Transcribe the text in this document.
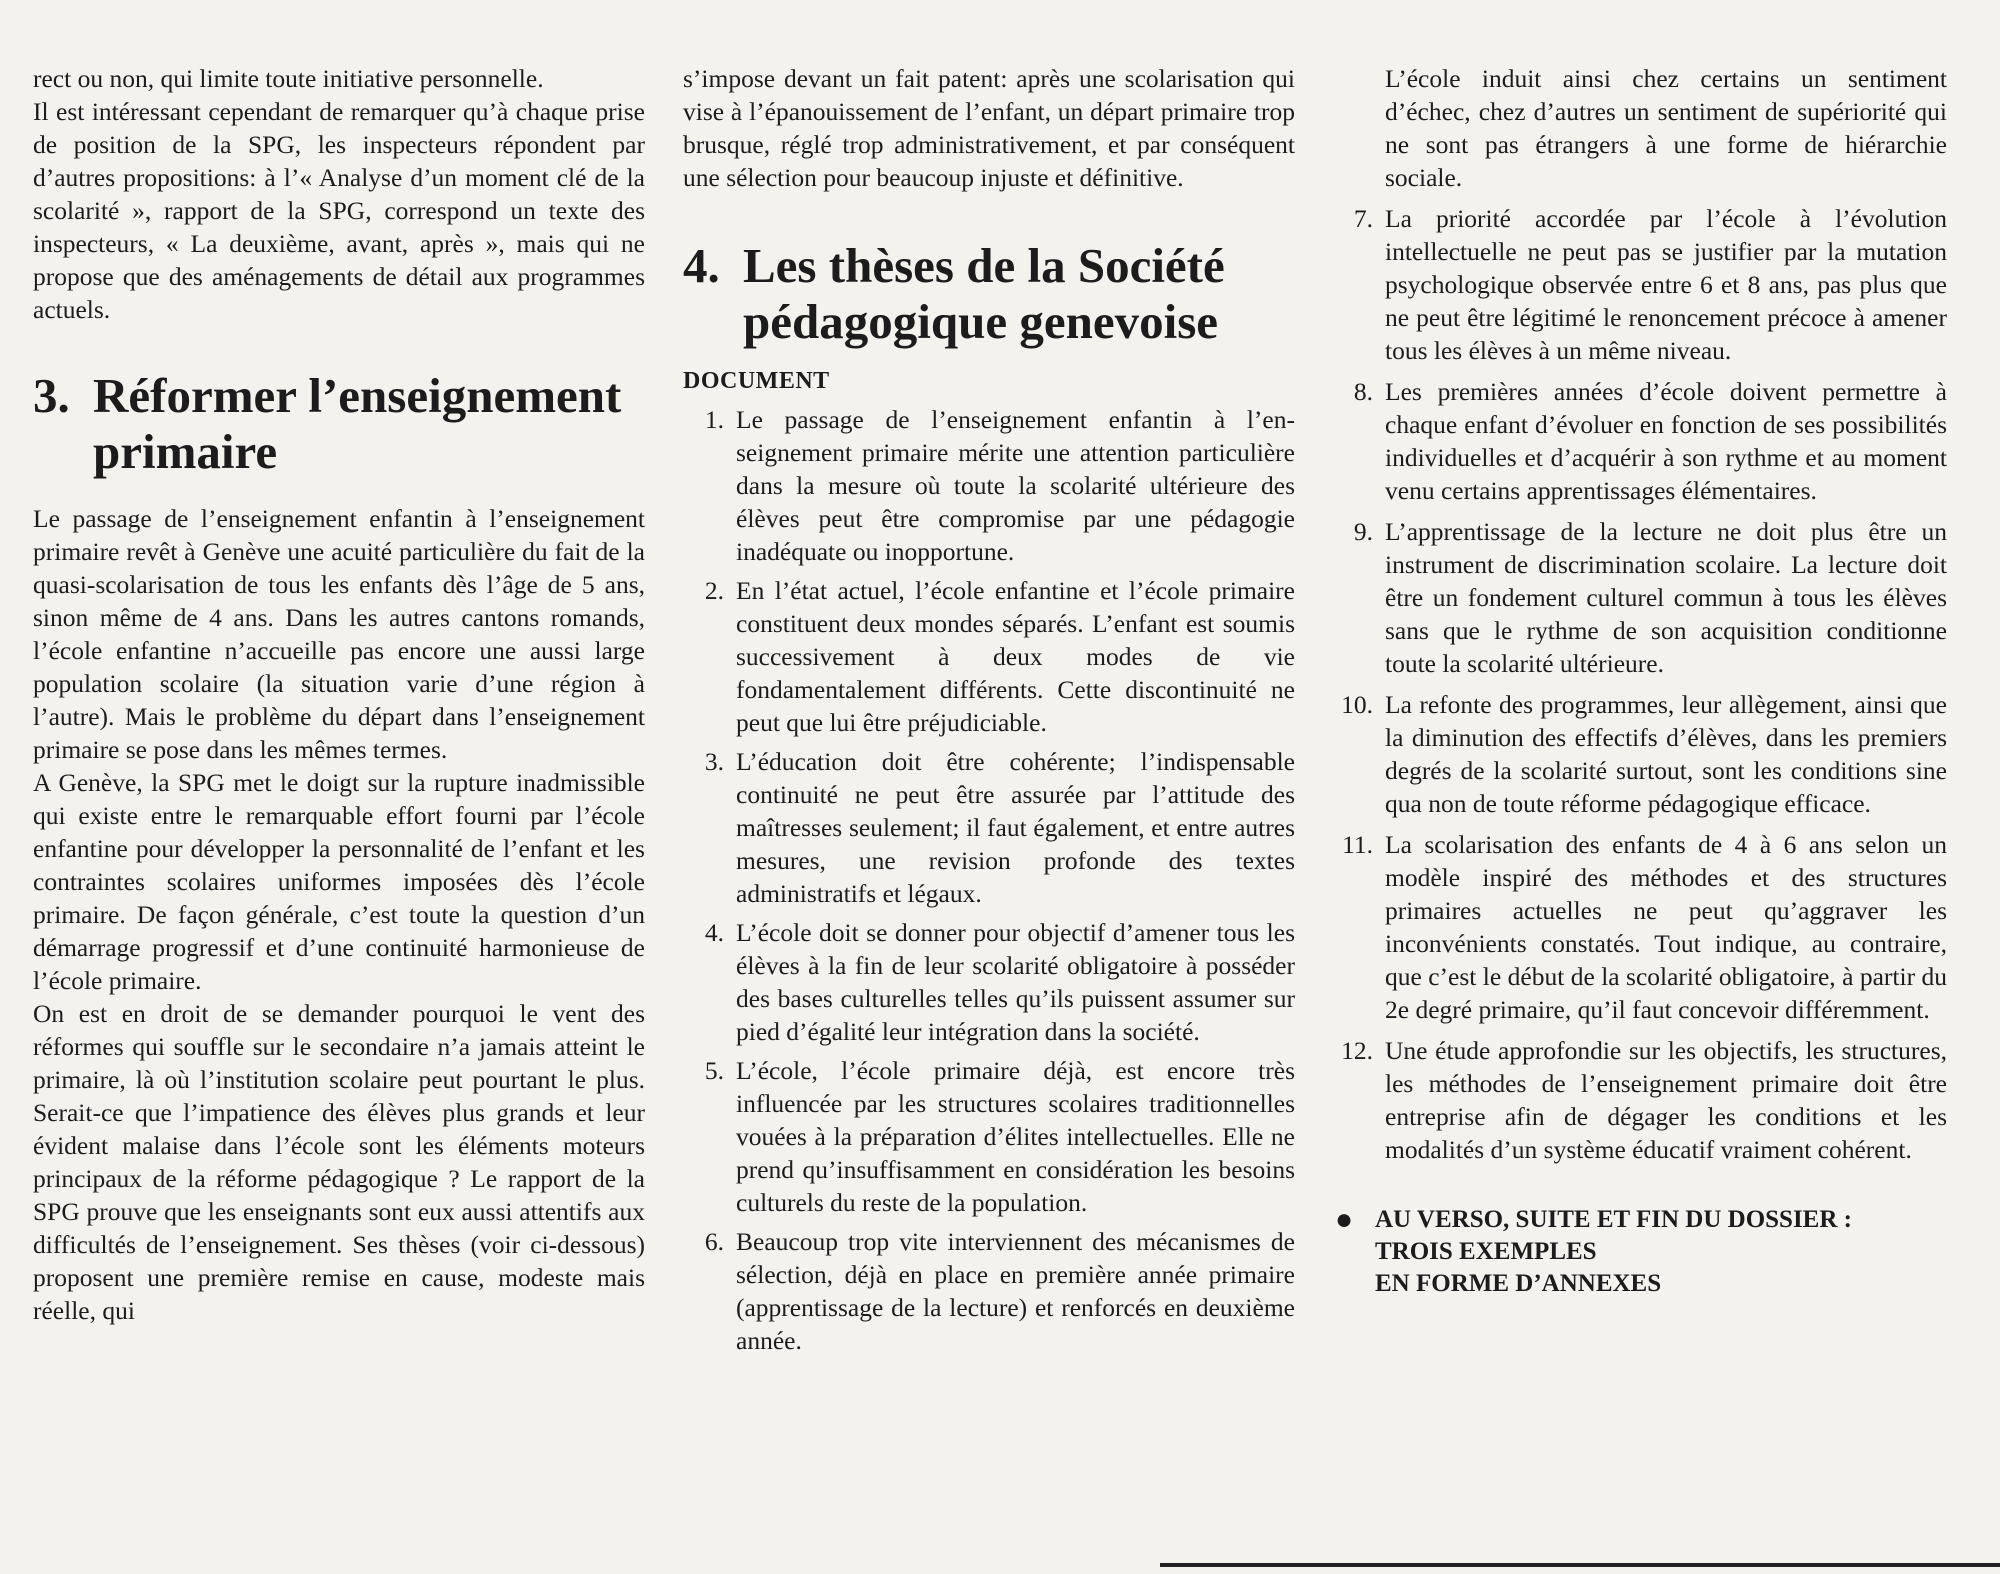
rect ou non, qui limite toute initiative personnelle.

Il est intéressant cependant de remarquer qu’à chaque prise de position de la SPG, les inspecteurs répondent par d’autres propositions: à l’« Analyse d’un moment clé de la scolarité », rapport de la SPG, correspond un texte des inspecteurs, « La deuxième, avant, après », mais qui ne propose que des aménagements de détail aux programmes actuels.

3. Réformer l’enseignement primaire

Le passage de l’enseignement enfantin à l’enseignement primaire revêt à Genève une acuité particulière du fait de la quasi-scolarisation de tous les enfants dès l’âge de 5 ans, sinon même de 4 ans. Dans les autres cantons romands, l’école enfantine n’accueille pas encore une aussi large population scolaire (la situation varie d’une région à l’autre). Mais le problème du départ dans l’enseignement primaire se pose dans les mêmes termes.

A Genève, la SPG met le doigt sur la rupture inadmissible qui existe entre le remarquable effort fourni par l’école enfantine pour développer la personnalité de l’enfant et les contraintes scolaires uniformes imposées dès l’école primaire. De façon générale, c’est toute la question d’un démarrage progressif et d’une continuité harmonieuse de l’école primaire.

On est en droit de se demander pourquoi le vent des réformes qui souffle sur le secondaire n’a jamais atteint le primaire, là où l’institution scolaire peut pourtant le plus. Serait-ce que l’impatience des élèves plus grands et leur évident malaise dans l’école sont les éléments moteurs principaux de la réforme pédagogique ? Le rapport de la SPG prouve que les enseignants sont eux aussi attentifs aux difficultés de l’enseignement. Ses thèses (voir ci-dessous) proposent une première remise en cause, modeste mais réelle, qui

s’impose devant un fait patent: après une scolarisation qui vise à l’épanouissement de l’enfant, un départ primaire trop brusque, réglé trop administrativement, et par conséquent une sélection pour beaucoup injuste et définitive.

4. Les thèses de la Société pédagogique genevoise

DOCUMENT

1. Le passage de l’enseignement enfantin à l’enseignement primaire mérite une attention particulière dans la mesure où toute la scolarité ultérieure des élèves peut être compromise par une pédagogie inadéquate ou inopportune.
2. En l’état actuel, l’école enfantine et l’école primaire constituent deux mondes séparés. L’enfant est soumis successivement à deux modes de vie fondamentalement différents. Cette discontinuité ne peut que lui être préjudiciable.
3. L’éducation doit être cohérente; l’indispensable continuité ne peut être assurée par l’attitude des maîtresses seulement; il faut également, et entre autres mesures, une revision profonde des textes administratifs et légaux.
4. L’école doit se donner pour objectif d’amener tous les élèves à la fin de leur scolarité obligatoire à posséder des bases culturelles telles qu’ils puissent assumer sur pied d’égalité leur intégration dans la société.
5. L’école, l’école primaire déjà, est encore très influencée par les structures scolaires traditionnelles vouées à la préparation d’élites intellectuelles. Elle ne prend qu’insuffisamment en considération les besoins culturels du reste de la population.
6. Beaucoup trop vite interviennent des mécanismes de sélection, déjà en place en première année primaire (apprentissage de la lecture) et renforcés en deuxième année.

L’école induit ainsi chez certains un sentiment d’échec, chez d’autres un sentiment de supériorité qui ne sont pas étrangers à une forme de hiérarchie sociale.

7. La priorité accordée par l’école à l’évolution intellectuelle ne peut pas se justifier par la mutation psychologique observée entre 6 et 8 ans, pas plus que ne peut être légitimé le renoncement précoce à amener tous les élèves à un même niveau.
8. Les premières années d’école doivent permettre à chaque enfant d’évoluer en fonction de ses possibilités individuelles et d’acquérir à son rythme et au moment venu certains apprentissages élémentaires.
9. L’apprentissage de la lecture ne doit plus être un instrument de discrimination scolaire. La lecture doit être un fondement culturel commun à tous les élèves sans que le rythme de son acquisition conditionne toute la scolarité ultérieure.
10. La refonte des programmes, leur allègement, ainsi que la diminution des effectifs d’élèves, dans les premiers degrés de la scolarité surtout, sont les conditions sine qua non de toute réforme pédagogique efficace.
11. La scolarisation des enfants de 4 à 6 ans selon un modèle inspiré des méthodes et des structures primaires actuelles ne peut qu’aggraver les inconvénients constatés. Tout indique, au contraire, que c’est le début de la scolarité obligatoire, à partir du 2e degré primaire, qu’il faut concevoir différemment.
12. Une étude approfondie sur les objectifs, les structures, les méthodes de l’enseignement primaire doit être entreprise afin de dégager les conditions et les modalités d’un système éducatif vraiment cohérent.
● AU VERSO, SUITE ET FIN DU DOSSIER :
TROIS EXEMPLES
EN FORME D’ANNEXES
